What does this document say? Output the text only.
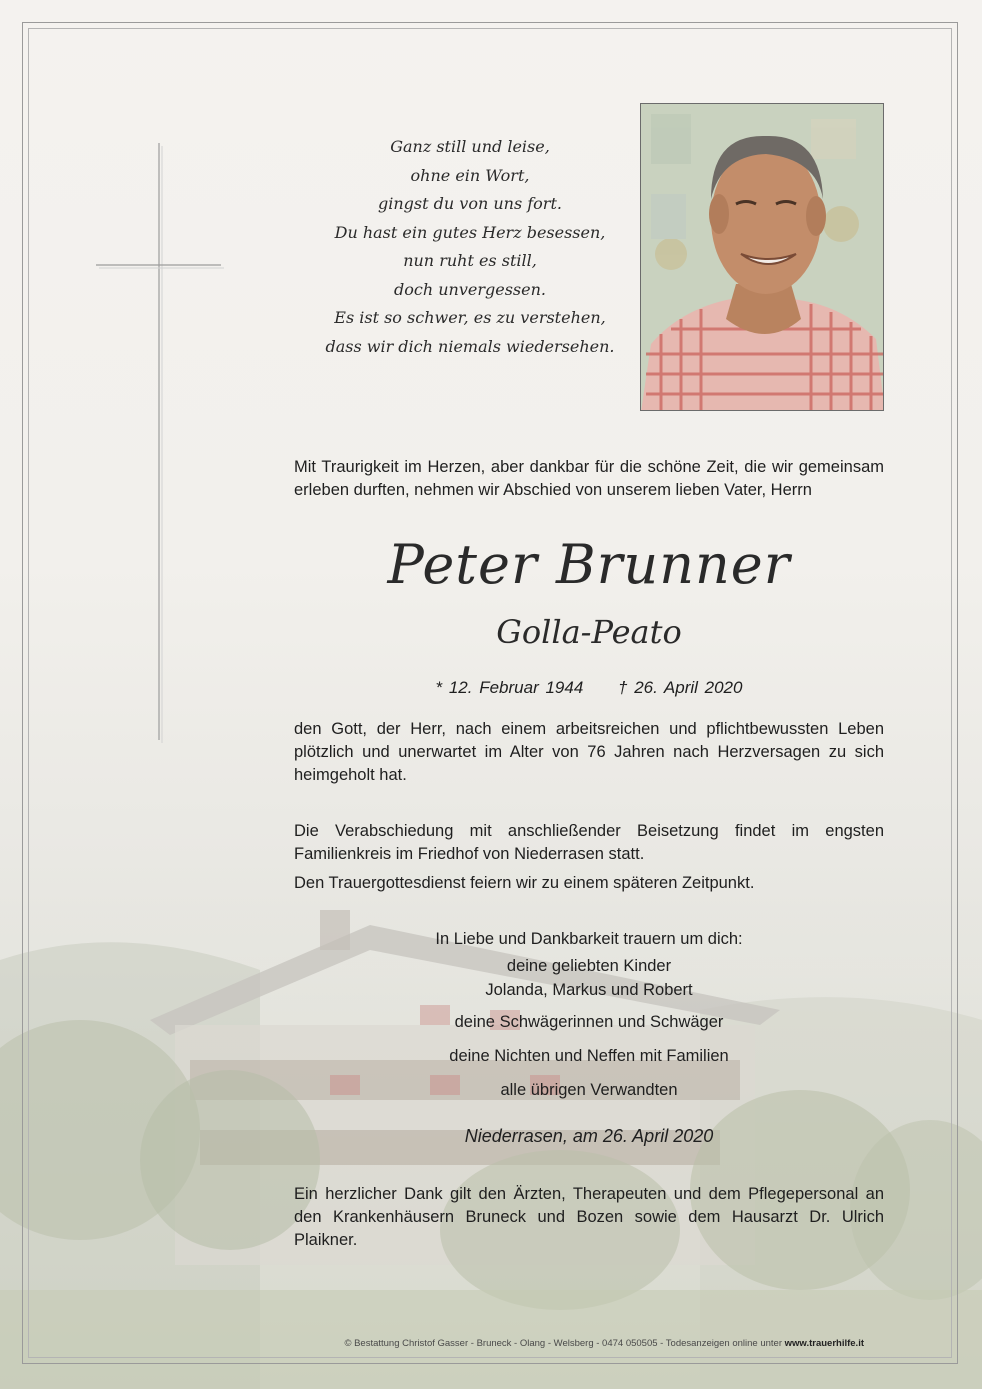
Ganz still und leise,
ohne ein Wort,
gingst du von uns fort.
Du hast ein gutes Herz besessen,
nun ruht es still,
doch unvergessen.
Es ist so schwer, es zu verstehen,
dass wir dich niemals wiedersehen.
Mit Traurigkeit im Herzen, aber dankbar für die schöne Zeit, die wir gemeinsam erleben durften, nehmen wir Abschied von unserem lieben Vater, Herrn
Peter Brunner
Golla-Peato
* 12. Februar 1944 † 26. April 2020
den Gott, der Herr, nach einem arbeitsreichen und pflichtbewussten Leben plötzlich und unerwartet im Alter von 76 Jahren nach Herzversagen zu sich heimgeholt hat.
Die Verabschiedung mit anschließender Beisetzung findet im engsten Familienkreis im Friedhof von Niederrasen statt.
Den Trauergottesdienst feiern wir zu einem späteren Zeitpunkt.
In Liebe und Dankbarkeit trauern um dich:
deine geliebten Kinder
Jolanda, Markus und Robert
deine Schwägerinnen und Schwäger
deine Nichten und Neffen mit Familien
alle übrigen Verwandten
Niederrasen, am 26. April 2020
Ein herzlicher Dank gilt den Ärzten, Therapeuten und dem Pflegepersonal an den Krankenhäusern Bruneck und Bozen sowie dem Hausarzt Dr. Ulrich Plaikner.
© Bestattung Christof Gasser - Bruneck - Olang - Welsberg - 0474 050505 - Todesanzeigen online unter www.trauerhilfe.it
